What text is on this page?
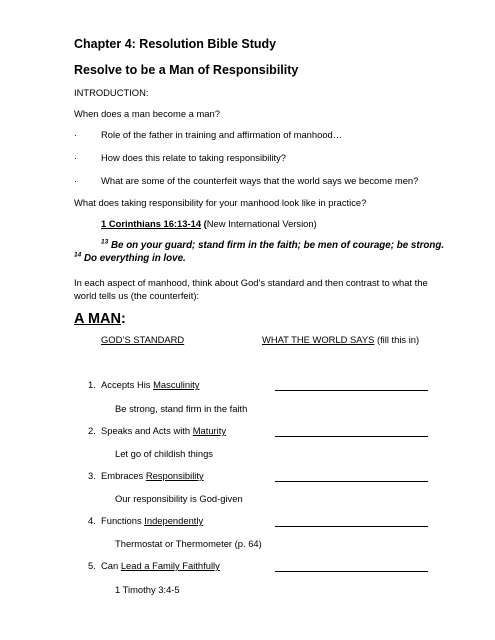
Chapter 4: Resolution Bible Study
Resolve to be a Man of Responsibility
INTRODUCTION:
When does a man become a man?
·	Role of the father in training and affirmation of manhood…
·	How does this relate to taking responsibility?
·	What are some of the counterfeit ways that the world says we become men?
What does taking responsibility for your manhood look like in practice?
1 Corinthians 16:13-14 (New International Version)
$^{13}$ Be on your guard; stand firm in the faith; be men of courage; be strong.
$^{14}$ Do everything in love.
In each aspect of manhood, think about God’s standard and then contrast to what the
world tells us (the counterfeit):
A MAN:
GOD’S STANDARD	WHAT THE WORLD SAYS (fill this in)
1. Accepts His Masculinity
Be strong, stand firm in the faith
2. Speaks and Acts with Maturity
Let go of childish things
3. Embraces Responsibility
Our responsibility is God-given
4. Functions Independently
Thermostat or Thermometer (p. 64)
5. Can Lead a Family Faithfully
1 Timothy 3:4-5
